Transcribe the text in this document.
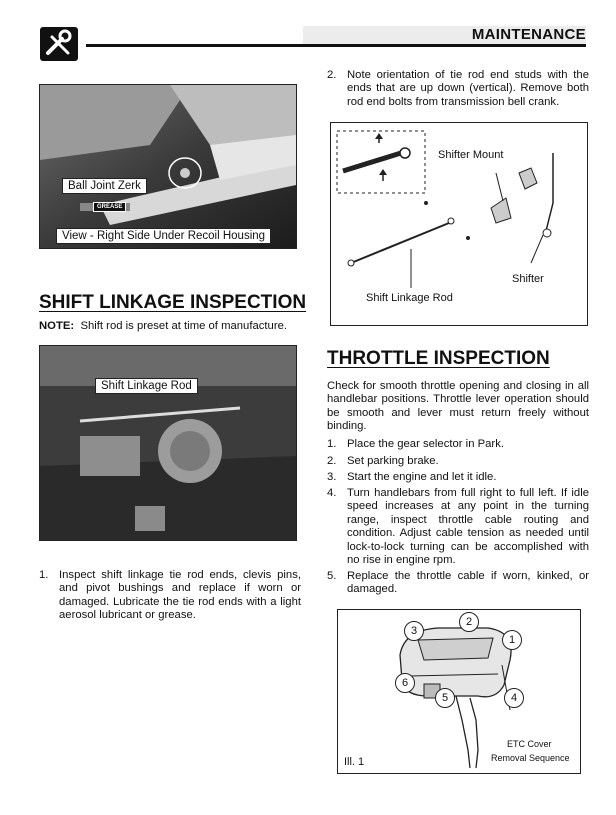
MAINTENANCE
Ball Joint Zerk
GREASE
View - Right Side Under Recoil Housing
SHIFT LINKAGE INSPECTION
NOTE: Shift rod is preset at time of manufacture.
Shift Linkage Rod
1. Inspect shift linkage tie rod ends, clevis pins, and pivot bushings and replace if worn or damaged. Lubricate the tie rod ends with a light aerosol lubricant or grease.
2. Note orientation of tie rod end studs with the ends that are up down (vertical). Remove both rod end bolts from transmission bell crank.
Shifter Mount
Shifter
Shift Linkage Rod
THROTTLE INSPECTION
Check for smooth throttle opening and closing in all handlebar positions. Throttle lever operation should be smooth and lever must return freely without binding.
1. Place the gear selector in Park.
2. Set parking brake.
3. Start the engine and let it idle.
4. Turn handlebars from full right to full left. If idle speed increases at any point in the turning range, inspect throttle cable routing and condition. Adjust cable tension as needed until lock-to-lock turning can be accomplished with no rise in engine rpm.
5. Replace the throttle cable if worn, kinked, or damaged.
1
2
3
4
5
6
Ill. 1
ETC Cover
Removal Sequence
